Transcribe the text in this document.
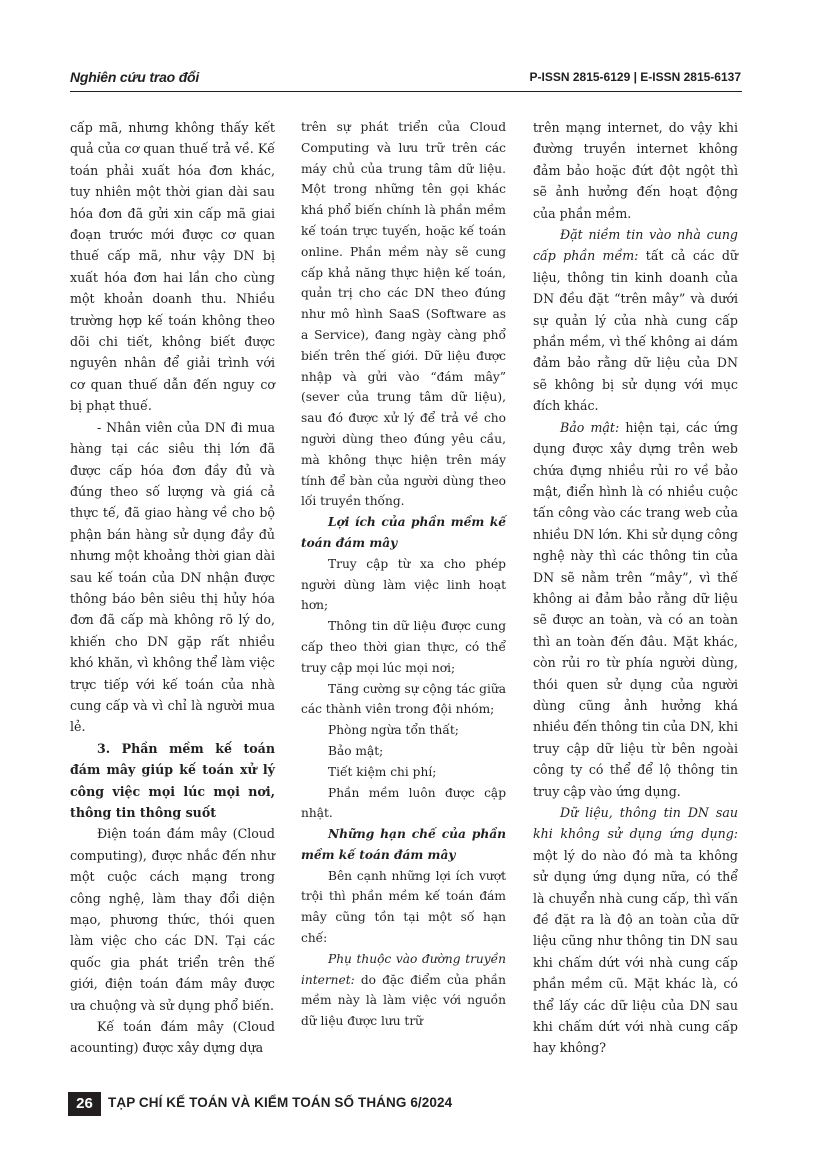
Nghiên cứu trao đổi	P-ISSN 2815-6129 | E-ISSN 2815-6137

cấp mã, nhưng không thấy kết quả của cơ quan thuế trả về. Kế toán phải xuất hóa đơn khác, tuy nhiên một thời gian dài sau hóa đơn đã gửi xin cấp mã giai đoạn trước mới được cơ quan thuế cấp mã, như vậy DN bị xuất hóa đơn hai lần cho cùng một khoản doanh thu. Nhiều trường hợp kế toán không theo dõi chi tiết, không biết được nguyên nhân để giải trình với cơ quan thuế dẫn đến nguy cơ bị phạt thuế.

- Nhân viên của DN đi mua hàng tại các siêu thị lớn đã được cấp hóa đơn đầy đủ và đúng theo số lượng và giá cả thực tế, đã giao hàng về cho bộ phận bán hàng sử dụng đầy đủ nhưng một khoảng thời gian dài sau kế toán của DN nhận được thông báo bên siêu thị hủy hóa đơn đã cấp mà không rõ lý do, khiến cho DN gặp rất nhiều khó khăn, vì không thể làm việc trực tiếp với kế toán của nhà cung cấp và vì chỉ là người mua lẻ.

3. Phần mềm kế toán đám mây giúp kế toán xử lý công việc mọi lúc mọi nơi, thông tin thông suốt

Điện toán đám mây (Cloud computing), được nhắc đến như một cuộc cách mạng trong công nghệ, làm thay đổi diện mạo, phương thức, thói quen làm việc cho các DN. Tại các quốc gia phát triển trên thế giới, điện toán đám mây được ưa chuộng và sử dụng phổ biến.

Kế toán đám mây (Cloud acounting) được xây dựng dựa

trên sự phát triển của Cloud Computing và lưu trữ trên các máy chủ của trung tâm dữ liệu. Một trong những tên gọi khác khá phổ biến chính là phần mềm kế toán trực tuyến, hoặc kế toán online. Phần mềm này sẽ cung cấp khả năng thực hiện kế toán, quản trị cho các DN theo đúng như mô hình SaaS (Software as a Service), đang ngày càng phổ biến trên thế giới. Dữ liệu được nhập và gửi vào “đám mây” (sever của trung tâm dữ liệu), sau đó được xử lý để trả về cho người dùng theo đúng yêu cầu, mà không thực hiện trên máy tính để bàn của người dùng theo lối truyền thống.

Lợi ích của phần mềm kế toán đám mây

Truy cập từ xa cho phép người dùng làm việc linh hoạt hơn;

Thông tin dữ liệu được cung cấp theo thời gian thực, có thể truy cập mọi lúc mọi nơi;

Tăng cường sự cộng tác giữa các thành viên trong đội nhóm;

Phòng ngừa tổn thất;

Bảo mật;

Tiết kiệm chi phí;

Phần mềm luôn được cập nhật.

Những hạn chế của phần mềm kế toán đám mây

Bên cạnh những lợi ích vượt trội thì phần mềm kế toán đám mây cũng tồn tại một số hạn chế:

Phụ thuộc vào đường truyền internet: do đặc điểm của phần mềm này là làm việc với nguồn dữ liệu được lưu trữ

trên mạng internet, do vậy khi đường truyền internet không đảm bảo hoặc đứt đột ngột thì sẽ ảnh hưởng đến hoạt động của phần mềm.

Đặt niềm tin vào nhà cung cấp phần mềm: tất cả các dữ liệu, thông tin kinh doanh của DN đều đặt “trên mây” và dưới sự quản lý của nhà cung cấp phần mềm, vì thế không ai dám đảm bảo rằng dữ liệu của DN sẽ không bị sử dụng với mục đích khác.

Bảo mật: hiện tại, các ứng dụng được xây dựng trên web chứa đựng nhiều rủi ro về bảo mật, điển hình là có nhiều cuộc tấn công vào các trang web của nhiều DN lớn. Khi sử dụng công nghệ này thì các thông tin của DN sẽ nằm trên “mây”, vì thế không ai đảm bảo rằng dữ liệu sẽ được an toàn, và có an toàn thì an toàn đến đâu. Mặt khác, còn rủi ro từ phía người dùng, thói quen sử dụng của người dùng cũng ảnh hưởng khá nhiều đến thông tin của DN, khi truy cập dữ liệu từ bên ngoài công ty có thể để lộ thông tin truy cập vào ứng dụng.

Dữ liệu, thông tin DN sau khi không sử dụng ứng dụng: một lý do nào đó mà ta không sử dụng ứng dụng nữa, có thể là chuyển nhà cung cấp, thì vấn đề đặt ra là độ an toàn của dữ liệu cũng như thông tin DN sau khi chấm dứt với nhà cung cấp phần mềm cũ. Mặt khác là, có thể lấy các dữ liệu của DN sau khi chấm dứt với nhà cung cấp hay không?

26	TẠP CHÍ KẾ TOÁN VÀ KIỂM TOÁN SỐ THÁNG 6/2024
